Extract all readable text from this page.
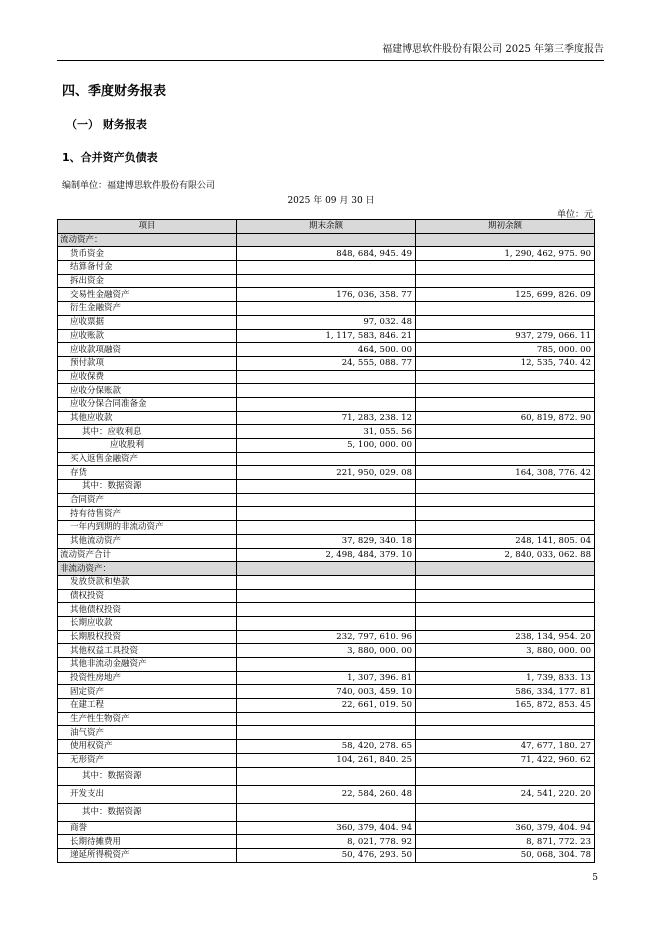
福建博思软件股份有限公司 2025 年第三季度报告
四、季度财务报表
（一） 财务报表
1、合并资产负债表
编制单位：福建博思软件股份有限公司
2025 年 09 月 30 日
单位：元
项目	期末余额	期初余额
流动资产：		
货币资金	848, 684, 945. 49	1, 290, 462, 975. 90
结算备付金		
拆出资金		
交易性金融资产	176, 036, 358. 77	125, 699, 826. 09
衍生金融资产		
应收票据	97, 032. 48	
应收账款	1, 117, 583, 846. 21	937, 279, 066. 11
应收款项融资	464, 500. 00	785, 000. 00
预付款项	24, 555, 088. 77	12, 535, 740. 42
应收保费		
应收分保账款		
应收分保合同准备金		
其他应收款	71, 283, 238. 12	60, 819, 872. 90
其中：应收利息	31, 055. 56	
应收股利	5, 100, 000. 00	
买入返售金融资产		
存货	221, 950, 029. 08	164, 308, 776. 42
其中：数据资源		
合同资产		
持有待售资产		
一年内到期的非流动资产		
其他流动资产	37, 829, 340. 18	248, 141, 805. 04
流动资产合计	2, 498, 484, 379. 10	2, 840, 033, 062. 88
非流动资产：		
发放贷款和垫款		
债权投资		
其他债权投资		
长期应收款		
长期股权投资	232, 797, 610. 96	238, 134, 954. 20
其他权益工具投资	3, 880, 000. 00	3, 880, 000. 00
其他非流动金融资产		
投资性房地产	1, 307, 396. 81	1, 739, 833. 13
固定资产	740, 003, 459. 10	586, 334, 177. 81
在建工程	22, 661, 019. 50	165, 872, 853. 45
生产性生物资产		
油气资产		
使用权资产	58, 420, 278. 65	47, 677, 180. 27
无形资产	104, 261, 840. 25	71, 422, 960. 62
其中：数据资源		
开发支出	22, 584, 260. 48	24, 541, 220. 20
其中：数据资源		
商誉	360, 379, 404. 94	360, 379, 404. 94
长期待摊费用	8, 021, 778. 92	8, 871, 772. 23
递延所得税资产	50, 476, 293. 50	50, 068, 304. 78
5
